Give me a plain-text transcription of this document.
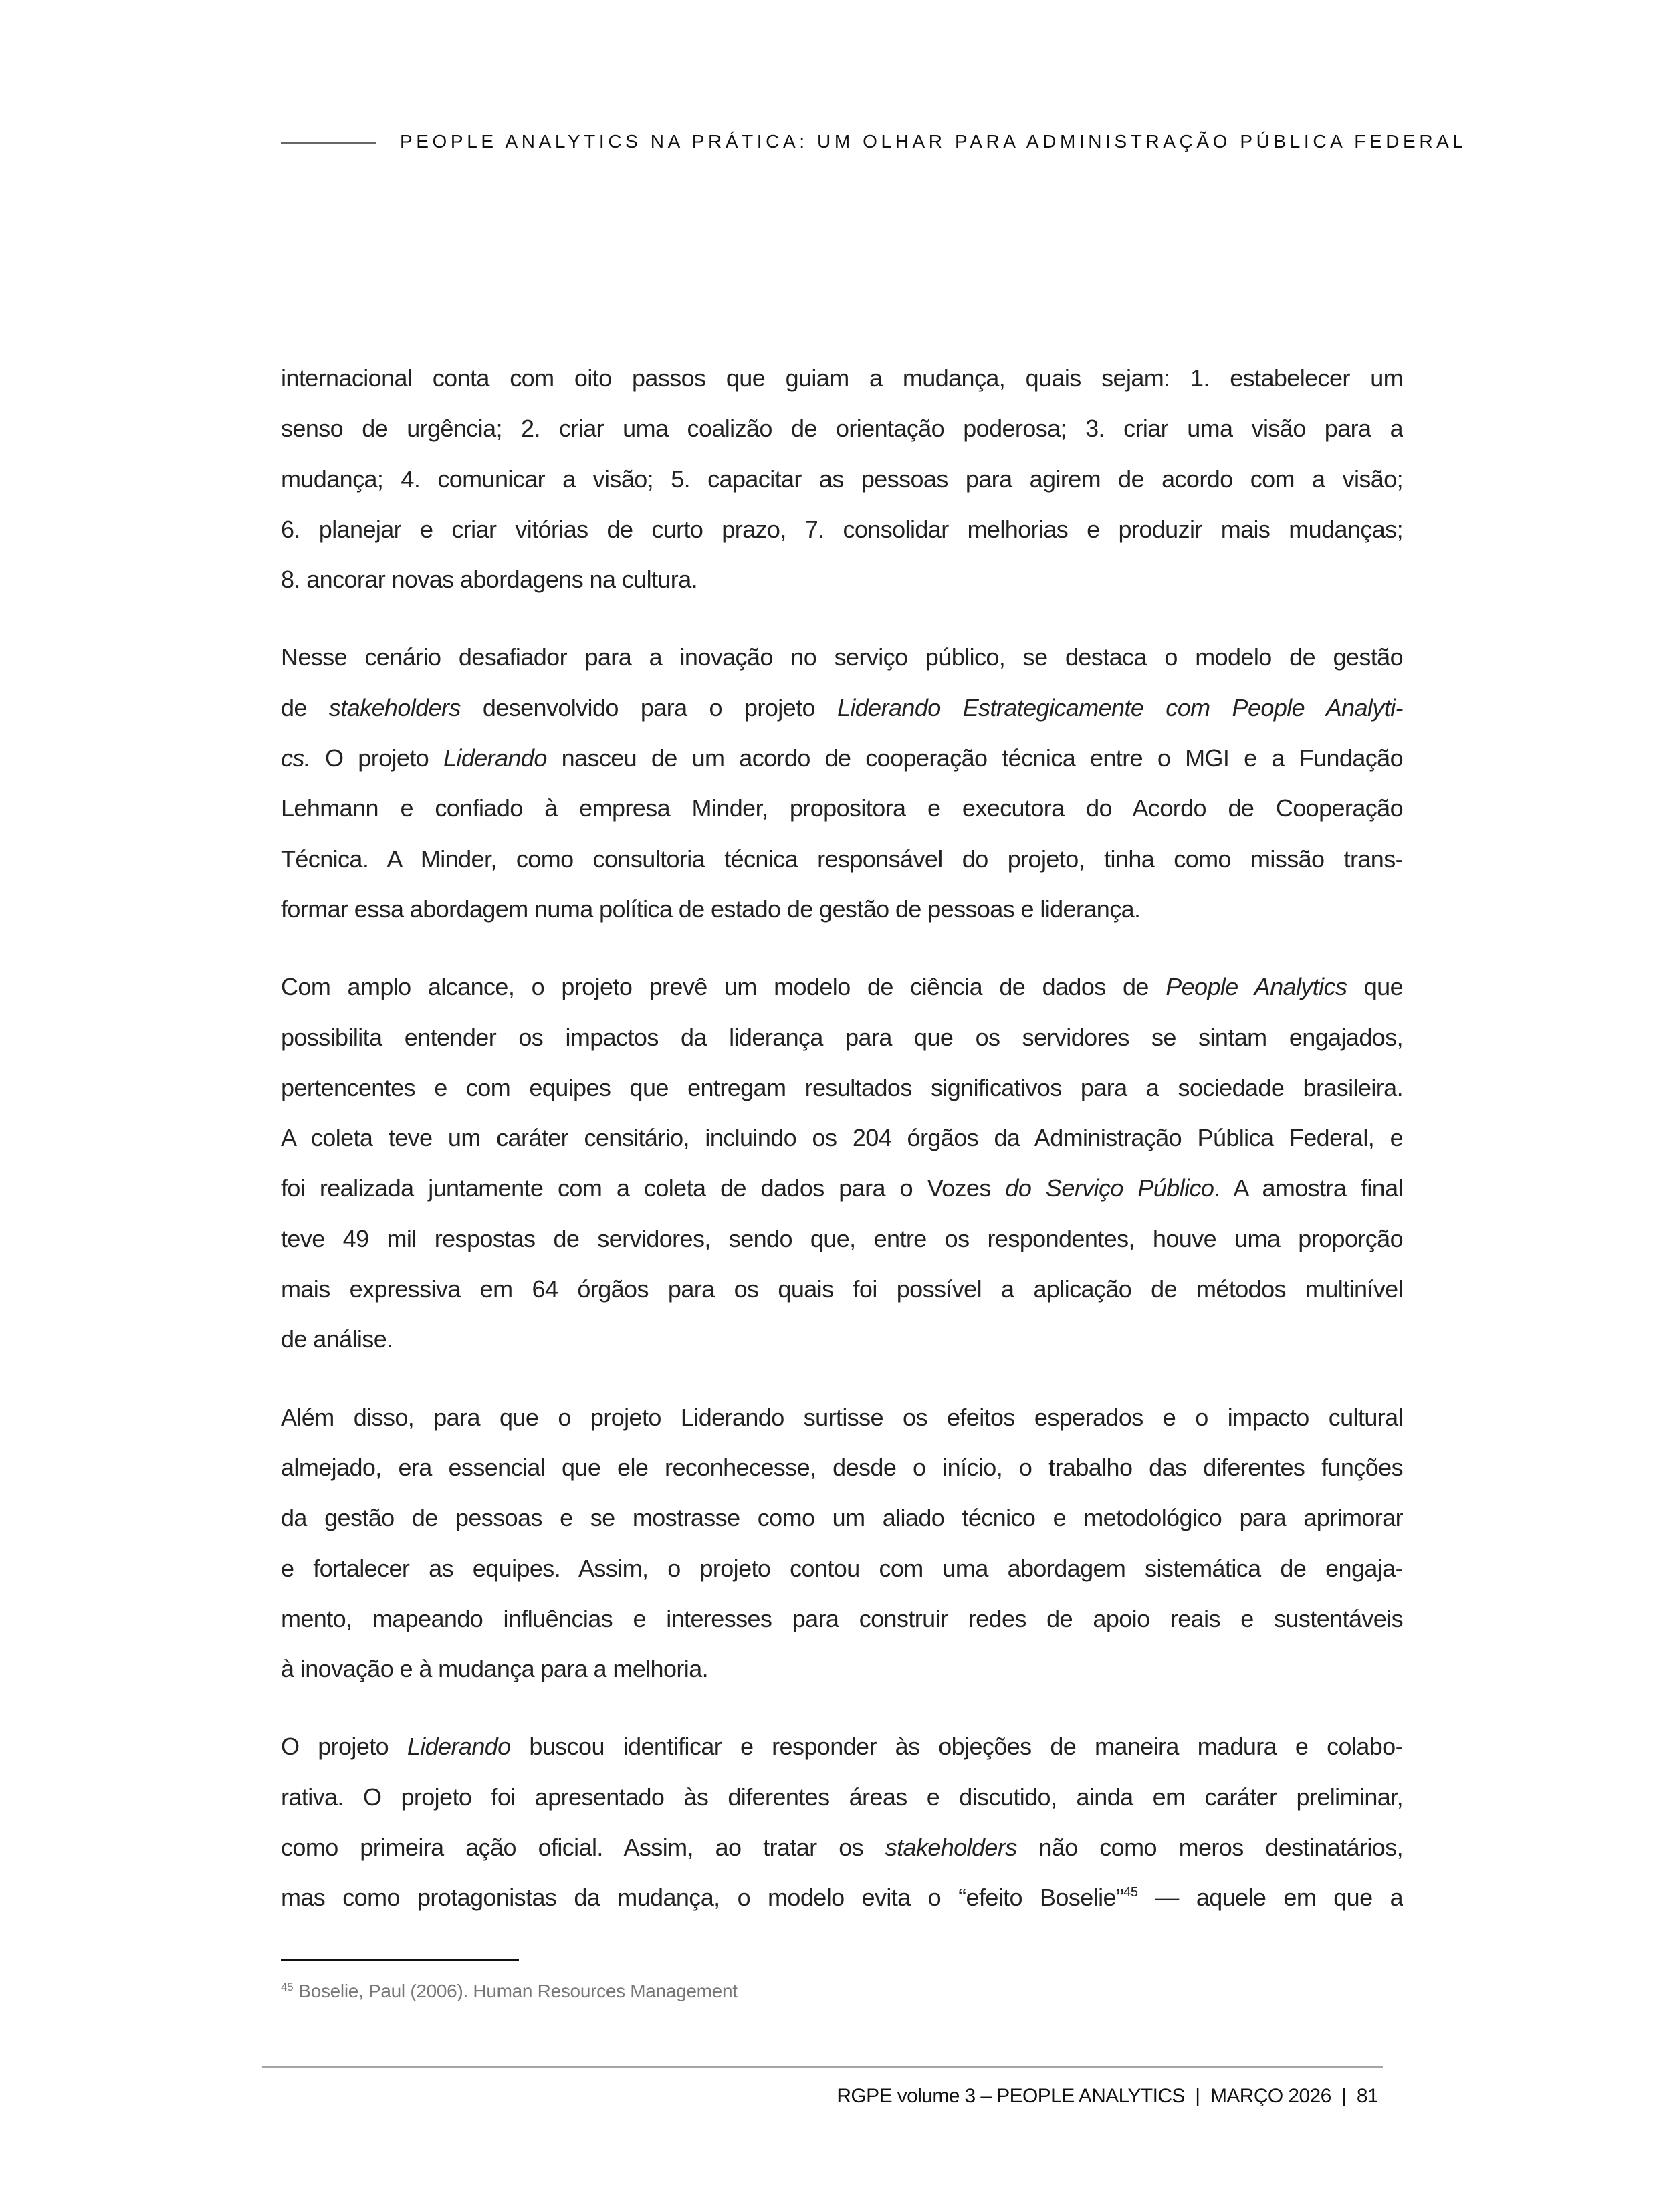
PEOPLE ANALYTICS NA PRÁTICA: UM OLHAR PARA ADMINISTRAÇÃO PÚBLICA FEDERAL
internacional conta com oito passos que guiam a mudança, quais sejam: 1. estabelecer um
senso de urgência; 2. criar uma coalizão de orientação poderosa; 3. criar uma visão para a
mudança; 4. comunicar a visão; 5. capacitar as pessoas para agirem de acordo com a visão;
6. planejar e criar vitórias de curto prazo, 7. consolidar melhorias e produzir mais mudanças;
8. ancorar novas abordagens na cultura.
Nesse cenário desafiador para a inovação no serviço público, se destaca o modelo de gestão
de stakeholders desenvolvido para o projeto Liderando Estrategicamente com People Analyti-
cs. O projeto Liderando nasceu de um acordo de cooperação técnica entre o MGI e a Fundação
Lehmann e confiado à empresa Minder, propositora e executora do Acordo de Cooperação
Técnica. A Minder, como consultoria técnica responsável do projeto, tinha como missão trans-
formar essa abordagem numa política de estado de gestão de pessoas e liderança.
Com amplo alcance, o projeto prevê um modelo de ciência de dados de People Analytics que
possibilita entender os impactos da liderança para que os servidores se sintam engajados,
pertencentes e com equipes que entregam resultados significativos para a sociedade brasileira.
A coleta teve um caráter censitário, incluindo os 204 órgãos da Administração Pública Federal, e
foi realizada juntamente com a coleta de dados para o Vozes do Serviço Público. A amostra final
teve 49 mil respostas de servidores, sendo que, entre os respondentes, houve uma proporção
mais expressiva em 64 órgãos para os quais foi possível a aplicação de métodos multinível
de análise.
Além disso, para que o projeto Liderando surtisse os efeitos esperados e o impacto cultural
almejado, era essencial que ele reconhecesse, desde o início, o trabalho das diferentes funções
da gestão de pessoas e se mostrasse como um aliado técnico e metodológico para aprimorar
e fortalecer as equipes. Assim, o projeto contou com uma abordagem sistemática de engaja-
mento, mapeando influências e interesses para construir redes de apoio reais e sustentáveis
à inovação e à mudança para a melhoria.
O projeto Liderando buscou identificar e responder às objeções de maneira madura e colabo-
rativa. O projeto foi apresentado às diferentes áreas e discutido, ainda em caráter preliminar,
como primeira ação oficial. Assim, ao tratar os stakeholders não como meros destinatários,
mas como protagonistas da mudança, o modelo evita o “efeito Boselie”$^{45}$ — aquele em que a
$^{45}$ Boselie, Paul (2006). Human Resources Management
RGPE volume 3 – PEOPLE ANALYTICS  |  MARÇO 2026  |  81
